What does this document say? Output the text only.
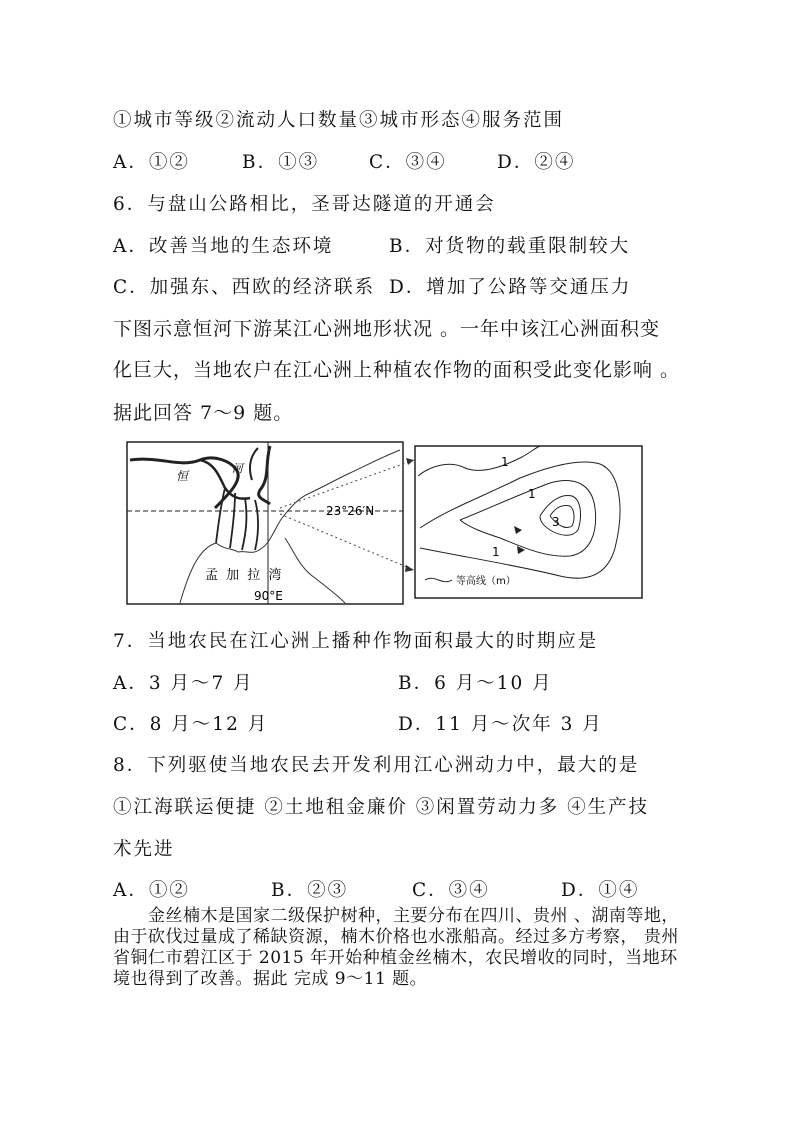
①城市等级②流动人口数量③城市形态④服务范围
A．①②	B．①③	C．③④	D．②④
6．与盘山公路相比，圣哥达隧道的开通会
A．改善当地的生态环境	B．对货物的载重限制较大
C．加强东、西欧的经济联系 D．增加了公路等交通压力
下图示意恒河下游某江心洲地形状况 。一年中该江心洲面积变
化巨大，当地农户在江心洲上种植农作物的面积受此变化影响 。
据此回答 7～9 题。
恒
河
23°26′N
90°E
孟 加 拉 湾
1
1
1
3
等高线（m）
7．当地农民在江心洲上播种作物面积最大的时期应是
A．3 月～7 月	B．6 月～10 月
C．8 月～12 月	D．11 月～次年 3 月
8．下列驱使当地农民去开发利用江心洲动力中，最大的是
①江海联运便捷 ②土地租金廉价 ③闲置劳动力多 ④生产技
术先进
A．①②	B．②③	C．③④	D．①④
　　金丝楠木是国家二级保护树种，主要分布在四川、贵州 、湖南等地，由于砍伐过量成了稀缺资源，楠木价格也水涨船高。经过多方考察， 贵州省铜仁市碧江区于 2015 年开始种植金丝楠木，农民增收的同时，当地环境也得到了改善。据此 完成 9～11 题。
